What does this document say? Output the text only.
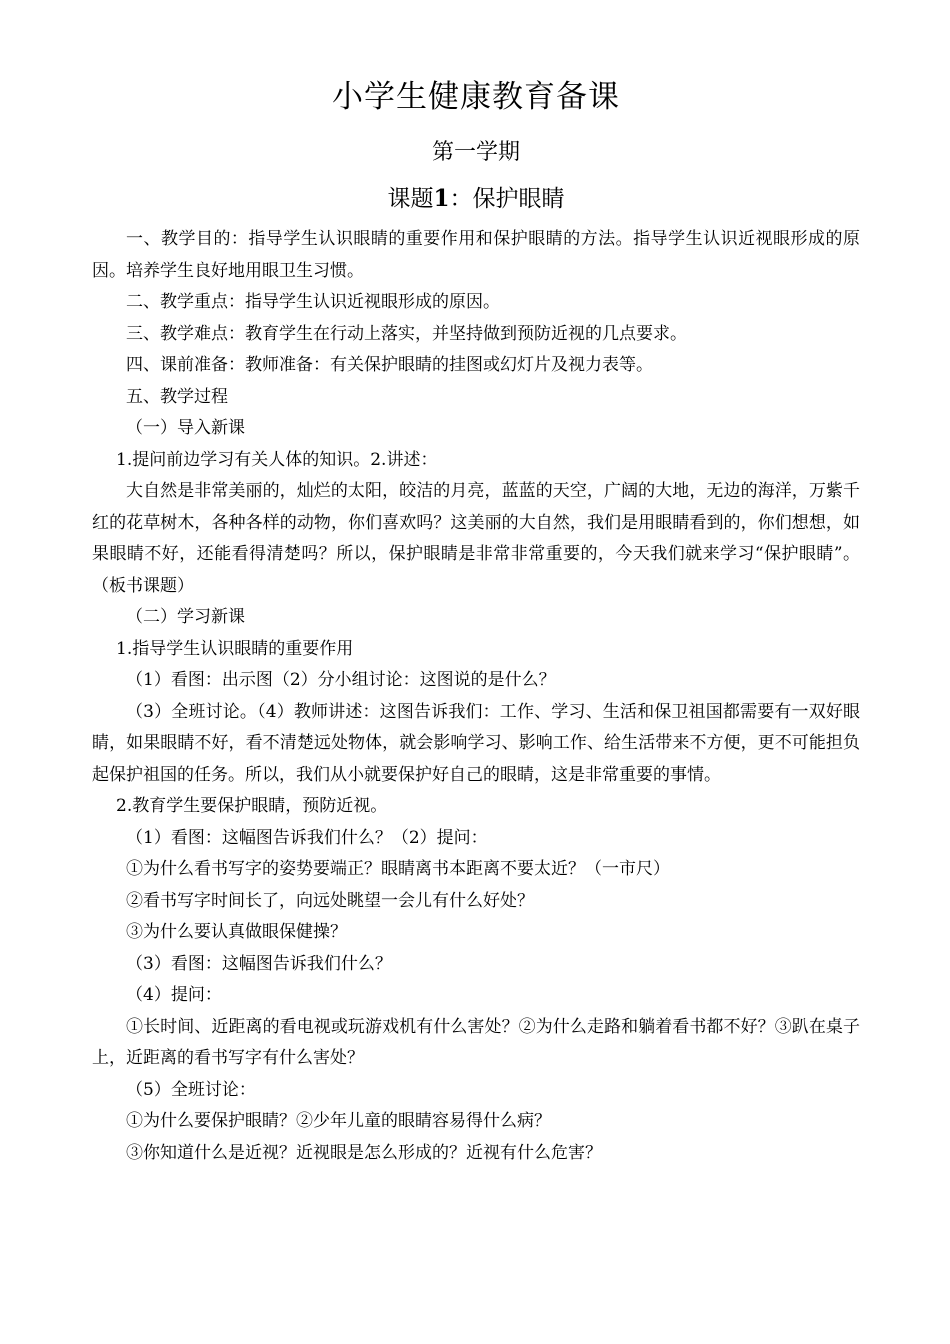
小学生健康教育备课
第一学期
课题1：保护眼睛

一、教学目的：指导学生认识眼睛的重要作用和保护眼睛的方法。指导学生认识近视眼形成的原因。培养学生良好地用眼卫生习惯。

二、教学重点：指导学生认识近视眼形成的原因。

三、教学难点：教育学生在行动上落实，并坚持做到预防近视的几点要求。

四、课前准备：教师准备：有关保护眼睛的挂图或幻灯片及视力表等。

五、教学过程

（一）导入新课

1.提问前边学习有关人体的知识。2.讲述：

大自然是非常美丽的，灿烂的太阳，皎洁的月亮，蓝蓝的天空，广阔的大地，无边的海洋，万紫千红的花草树木，各种各样的动物，你们喜欢吗？这美丽的大自然，我们是用眼睛看到的，你们想想，如果眼睛不好，还能看得清楚吗？所以，保护眼睛是非常非常重要的，今天我们就来学习“保护眼睛”。（板书课题）

（二）学习新课

1.指导学生认识眼睛的重要作用

（1）看图：出示图（2）分小组讨论：这图说的是什么？

（3）全班讨论。（4）教师讲述：这图告诉我们：工作、学习、生活和保卫祖国都需要有一双好眼睛，如果眼睛不好，看不清楚远处物体，就会影响学习、影响工作、给生活带来不方便，更不可能担负起保护祖国的任务。所以，我们从小就要保护好自己的眼睛，这是非常重要的事情。

2.教育学生要保护眼睛，预防近视。

（1）看图：这幅图告诉我们什么？（2）提问：

①为什么看书写字的姿势要端正？眼睛离书本距离不要太近？（一市尺）

②看书写字时间长了，向远处眺望一会儿有什么好处？

③为什么要认真做眼保健操？

（3）看图：这幅图告诉我们什么？

（4）提问：

①长时间、近距离的看电视或玩游戏机有什么害处？②为什么走路和躺着看书都不好？③趴在桌子上，近距离的看书写字有什么害处？

（5）全班讨论：

①为什么要保护眼睛？②少年儿童的眼睛容易得什么病？

③你知道什么是近视？近视眼是怎么形成的？近视有什么危害？
